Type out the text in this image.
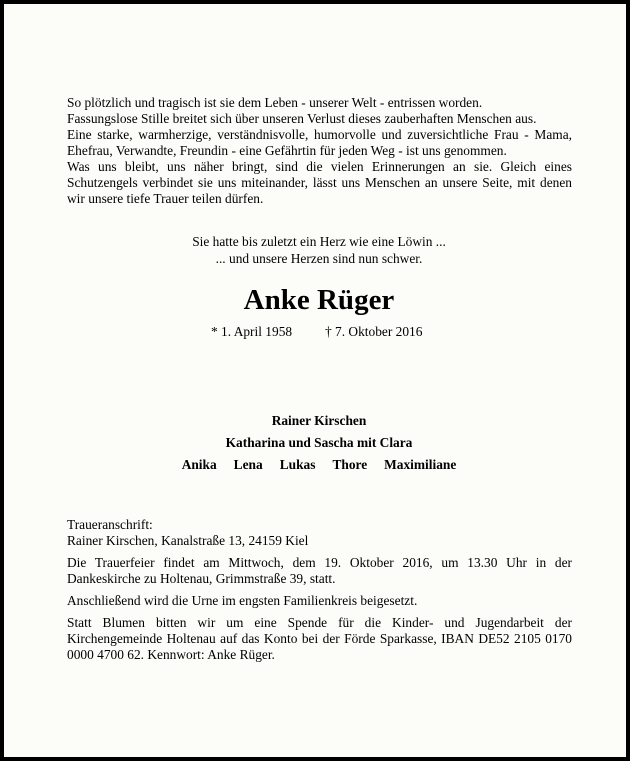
So plötzlich und tragisch ist sie dem Leben - unserer Welt - entrissen worden.

Fassungslose Stille breitet sich über unseren Verlust dieses zauberhaften Menschen aus.

Eine starke, warmherzige, verständnisvolle, humorvolle und zuversichtliche Frau - Mama, Ehefrau, Verwandte, Freundin - eine Gefährtin für jeden Weg - ist uns genommen.

Was uns bleibt, uns näher bringt, sind die vielen Erinnerungen an sie. Gleich eines Schutzengels verbindet sie uns miteinander, lässt uns Menschen an unsere Seite, mit denen wir unsere tiefe Trauer teilen dürfen.

Sie hatte bis zuletzt ein Herz wie eine Löwin ...
... und unsere Herzen sind nun schwer.
Anke Rüger
* 1. April 1958 † 7. Oktober 2016
Rainer Kirschen
Katharina und Sascha mit Clara
Anika Lena Lukas Thore Maximiliane

Traueranschrift:

Rainer Kirschen, Kanalstraße 13, 24159 Kiel

Die Trauerfeier findet am Mittwoch, dem 19. Oktober 2016, um 13.30 Uhr in der Dankeskirche zu Holtenau, Grimmstraße 39, statt.

Anschließend wird die Urne im engsten Familienkreis beigesetzt.

Statt Blumen bitten wir um eine Spende für die Kinder- und Jugendarbeit der Kirchengemeinde Holtenau auf das Konto bei der Förde Sparkasse, IBAN DE52 2105 0170 0000 4700 62. Kennwort: Anke Rüger.
